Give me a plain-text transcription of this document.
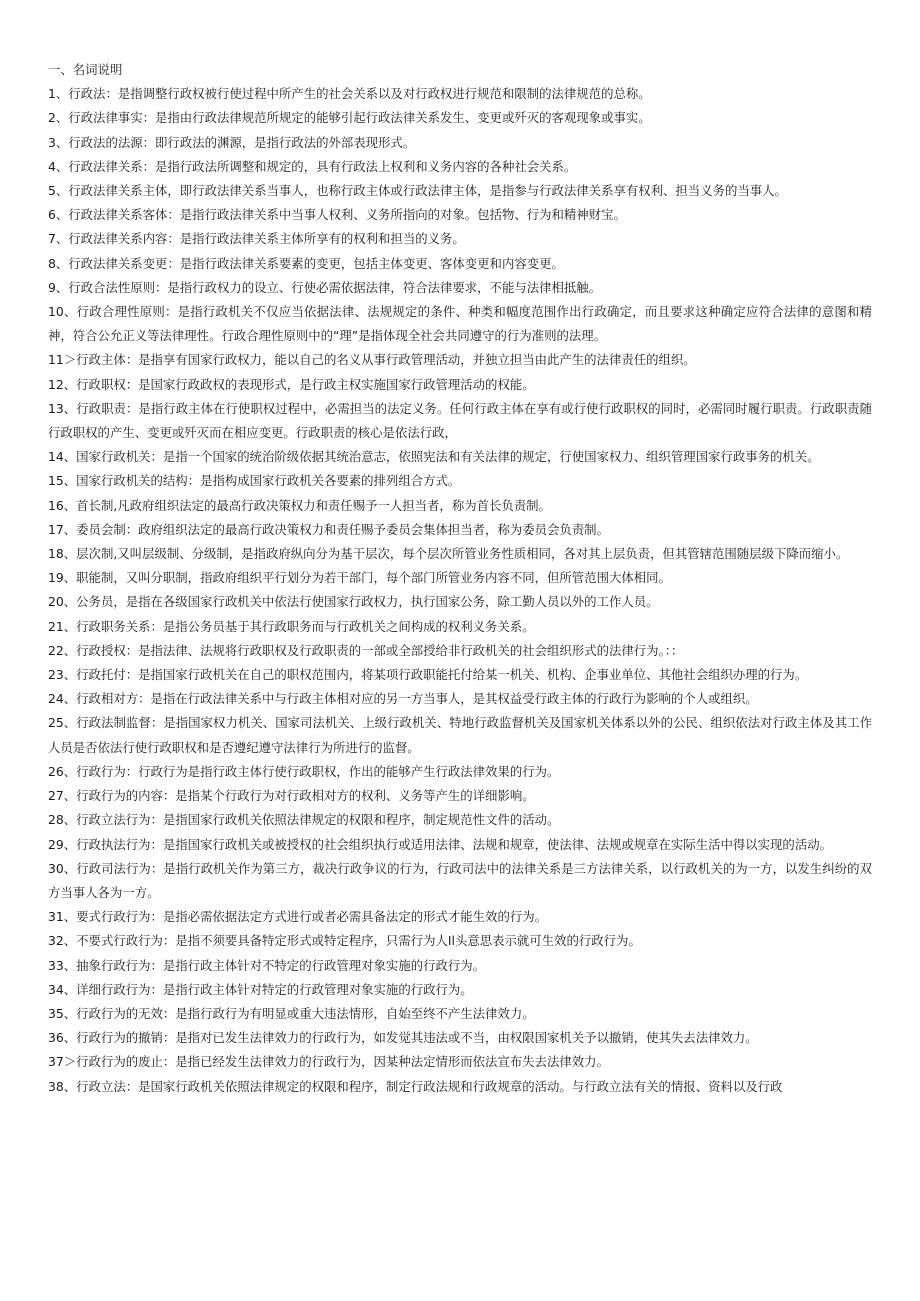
一、名词说明

1、行政法：是指调整行政权被行使过程中所产生的社会关系以及对行政权进行规范和限制的法律规范的总称。

2、行政法律事实：是指由行政法律规范所规定的能够引起行政法律关系发生、变更或歼灭的客观现象或事实。

3、行政法的法源：即行政法的渊源，是指行政法的外部表现形式。

4、行政法律关系：是指行政法所调整和规定的，具有行政法上权利和义务内容的各种社会关系。

5、行政法律关系主体，即行政法律关系当事人，也称行政主体或行政法律主体，是指参与行政法律关系享有权利、担当义务的当事人。

6、行政法律关系客体：是指行政法律关系中当事人权利、义务所指向的对象。包括物、行为和精神财宝。

7、行政法律关系内容：是指行政法律关系主体所享有的权利和担当的义务。

8、行政法律关系变更：是指行政法律关系要素的变更，包括主体变更、客体变更和内容变更。

9、行政合法性原则：是指行政权力的设立、行使必需依据法律，符合法律要求，不能与法律相抵触。

10、行政合理性原则：是指行政机关不仅应当依据法律、法规规定的条件、种类和幅度范围作出行政确定，而且要求这种确定应符合法律的意图和精神，符合公允正义等法律理性。行政合理性原则中的“理”是指体现全社会共同遵守的行为准则的法理。

11＞行政主体：是指享有国家行政权力，能以自己的名义从事行政管理活动，并独立担当由此产生的法律责任的组织。

12、行政职权：是国家行政政权的表现形式，是行政主权实施国家行政管理活动的权能。

13、行政职责：是指行政主体在行使职权过程中，必需担当的法定义务。任何行政主体在享有或行使行政职权的同时，必需同时履行职责。行政职责随行政职权的产生、变更或歼灭而在相应变更。行政职责的核心是依法行政，

14、国家行政机关：是指一个国家的统治阶级依据其统治意志，依照宪法和有关法律的规定，行使国家权力、组织管理国家行政事务的机关。

15、国家行政机关的结构：是指构成国家行政机关各要素的排列组合方式。

16、首长制,凡政府组织法定的最高行政决策权力和责任赐予一人担当者，称为首长负责制。

17、委员会制：政府组织法定的最高行政决策权力和责任赐予委员会集体担当者，称为委员会负责制。

18、层次制,又叫层级制、分级制，是指政府纵向分为基干层次，每个层次所管业务性质相同，各对其上层负责，但其管辖范围随层级下降而缩小。

19、职能制，又叫分职制，指政府组织平行划分为若干部门，每个部门所管业务内容不同，但所管范围大体相同。

20、公务员，是指在各级国家行政机关中依法行使国家行政权力，执行国家公务，除工勤人员以外的工作人员。

21、行政职务关系：是指公务员基于其行政职务而与行政机关之间构成的权利义务关系。

22、行政授权：是指法律、法规将行政职权及行政职责的一部或全部授给非行政机关的社会组织形式的法律行为。：：

23、行政托付：是指国家行政机关在自己的职权范围内，将某项行政职能托付给某一机关、机构、企事业单位、其他社会组织办理的行为。

24、行政相对方：是指在行政法律关系中与行政主体相对应的另一方当事人，是其权益受行政主体的行政行为影响的个人或组织。

25、行政法制监督：是指国家权力机关、国家司法机关、上级行政机关、特地行政监督机关及国家机关体系以外的公民、组织依法对行政主体及其工作人员是否依法行使行政职权和是否遵纪遵守法律行为所进行的监督。

26、行政行为：行政行为是指行政主体行使行政职权，作出的能够产生行政法律效果的行为。

27、行政行为的内容：是指某个行政行为对行政相对方的权利、义务等产生的详细影响。

28、行政立法行为：是指国家行政机关依照法律规定的权限和程序，制定规范性文件的活动。

29、行政执法行为：是指国家行政机关或被授权的社会组织执行或适用法律、法规和规章，使法律、法规或规章在实际生活中得以实现的活动。

30、行政司法行为：是指行政机关作为第三方，裁决行政争议的行为，行政司法中的法律关系是三方法律关系，以行政机关的为一方，以发生纠纷的双方当事人各为一方。

31、要式行政行为：是指必需依据法定方式进行或者必需具备法定的形式才能生效的行为。

32、不要式行政行为：是指不须要具备特定形式或特定程序，只需行为人Il头意思表示就可生效的行政行为。

33、抽象行政行为：是指行政主体针对不特定的行政管理对象实施的行政行为。

34、详细行政行为：是指行政主体针对特定的行政管理对象实施的行政行为。

35、行政行为的无效：是指行政行为有明显或重大违法情形，自始至终不产生法律效力。

36、行政行为的撤销：是指对已发生法律效力的行政行为，如发觉其违法或不当，由权限国家机关予以撤销，使其失去法律效力。

37＞行政行为的废止：是指已经发生法律效力的行政行为，因某种法定情形而依法宣布失去法律效力。

38、行政立法：是国家行政机关依照法律规定的权限和程序，制定行政法规和行政规章的活动。与行政立法有关的情报、资料以及行政
